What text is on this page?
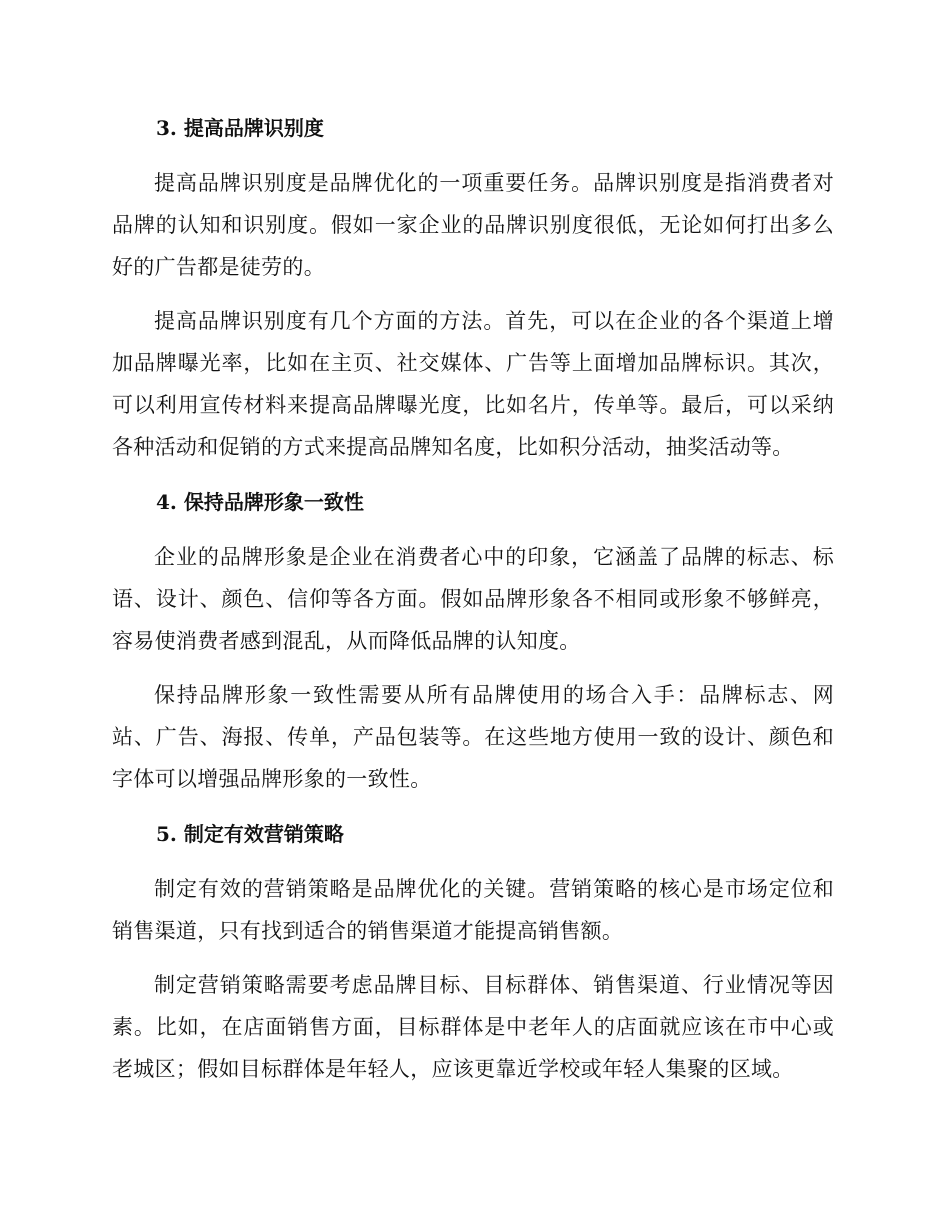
3. 提高品牌识别度

提高品牌识别度是品牌优化的一项重要任务。品牌识别度是指消费者对品牌的认知和识别度。假如一家企业的品牌识别度很低，无论如何打出多么好的广告都是徒劳的。

提高品牌识别度有几个方面的方法。首先，可以在企业的各个渠道上增加品牌曝光率，比如在主页、社交媒体、广告等上面增加品牌标识。其次，可以利用宣传材料来提高品牌曝光度，比如名片，传单等。最后，可以采纳各种活动和促销的方式来提高品牌知名度，比如积分活动，抽奖活动等。

4. 保持品牌形象一致性

企业的品牌形象是企业在消费者心中的印象，它涵盖了品牌的标志、标语、设计、颜色、信仰等各方面。假如品牌形象各不相同或形象不够鲜亮，容易使消费者感到混乱，从而降低品牌的认知度。

保持品牌形象一致性需要从所有品牌使用的场合入手：品牌标志、网站、广告、海报、传单，产品包装等。在这些地方使用一致的设计、颜色和字体可以增强品牌形象的一致性。

5. 制定有效营销策略

制定有效的营销策略是品牌优化的关键。营销策略的核心是市场定位和销售渠道，只有找到适合的销售渠道才能提高销售额。

制定营销策略需要考虑品牌目标、目标群体、销售渠道、行业情况等因素。比如，在店面销售方面，目标群体是中老年人的店面就应该在市中心或老城区；假如目标群体是年轻人，应该更靠近学校或年轻人集聚的区域。
